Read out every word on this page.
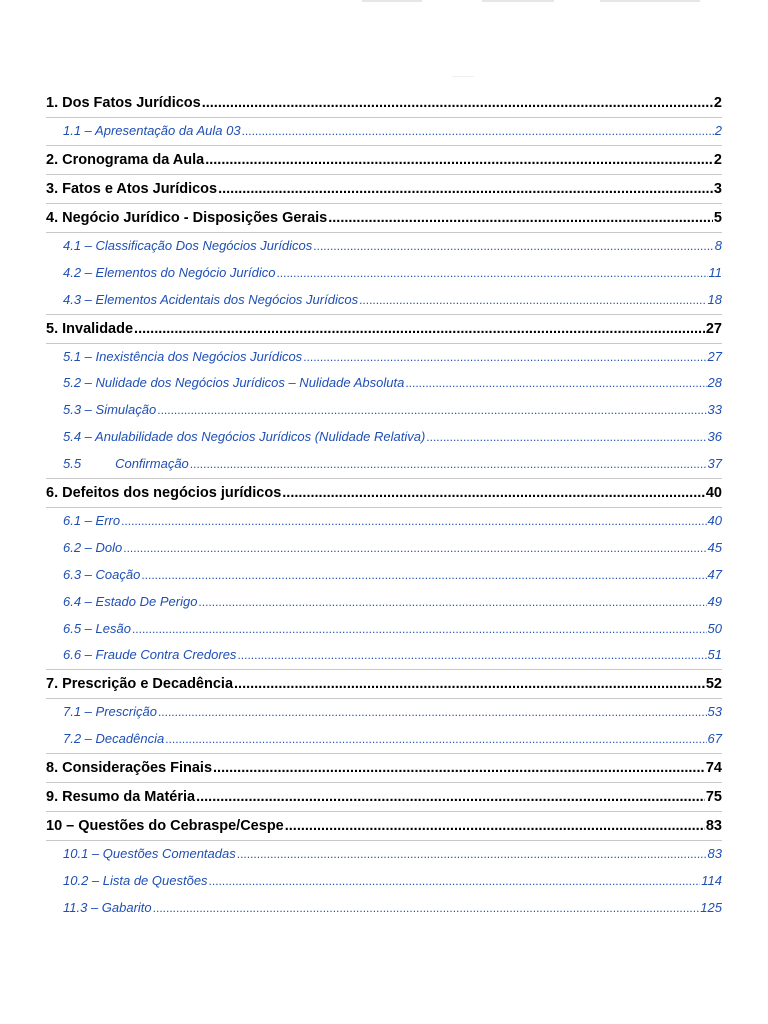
1. Dos Fatos Jurídicos .....	2
1.1 – Apresentação da Aula 03 .....	2
2. Cronograma da Aula .....	2
3. Fatos e Atos Jurídicos .....	3
4. Negócio Jurídico - Disposições Gerais .....	5
4.1 – Classificação Dos Negócios Jurídicos .....	8
4.2 – Elementos do Negócio Jurídico .....	11
4.3 – Elementos Acidentais dos Negócios Jurídicos .....	18
5. Invalidade .....	27
5.1 – Inexistência dos Negócios Jurídicos .....	27
5.2 – Nulidade dos Negócios Jurídicos – Nulidade Absoluta .....	28
5.3 – Simulação .....	33
5.4 – Anulabilidade dos Negócios Jurídicos (Nulidade Relativa) .....	36
5.5	Confirmação .....	37
6. Defeitos dos negócios jurídicos .....	40
6.1 – Erro .....	40
6.2 – Dolo .....	45
6.3 – Coação .....	47
6.4 – Estado De Perigo .....	49
6.5 – Lesão .....	50
6.6 – Fraude Contra Credores .....	51
7. Prescrição e Decadência .....	52
7.1 – Prescrição .....	53
7.2 – Decadência .....	67
8. Considerações Finais .....	74
9. Resumo da Matéria .....	75
10 – Questões do Cebraspe/Cespe .....	83
10.1 – Questões Comentadas .....	83
10.2 – Lista de Questões .....	114
11.3 – Gabarito .....	125
